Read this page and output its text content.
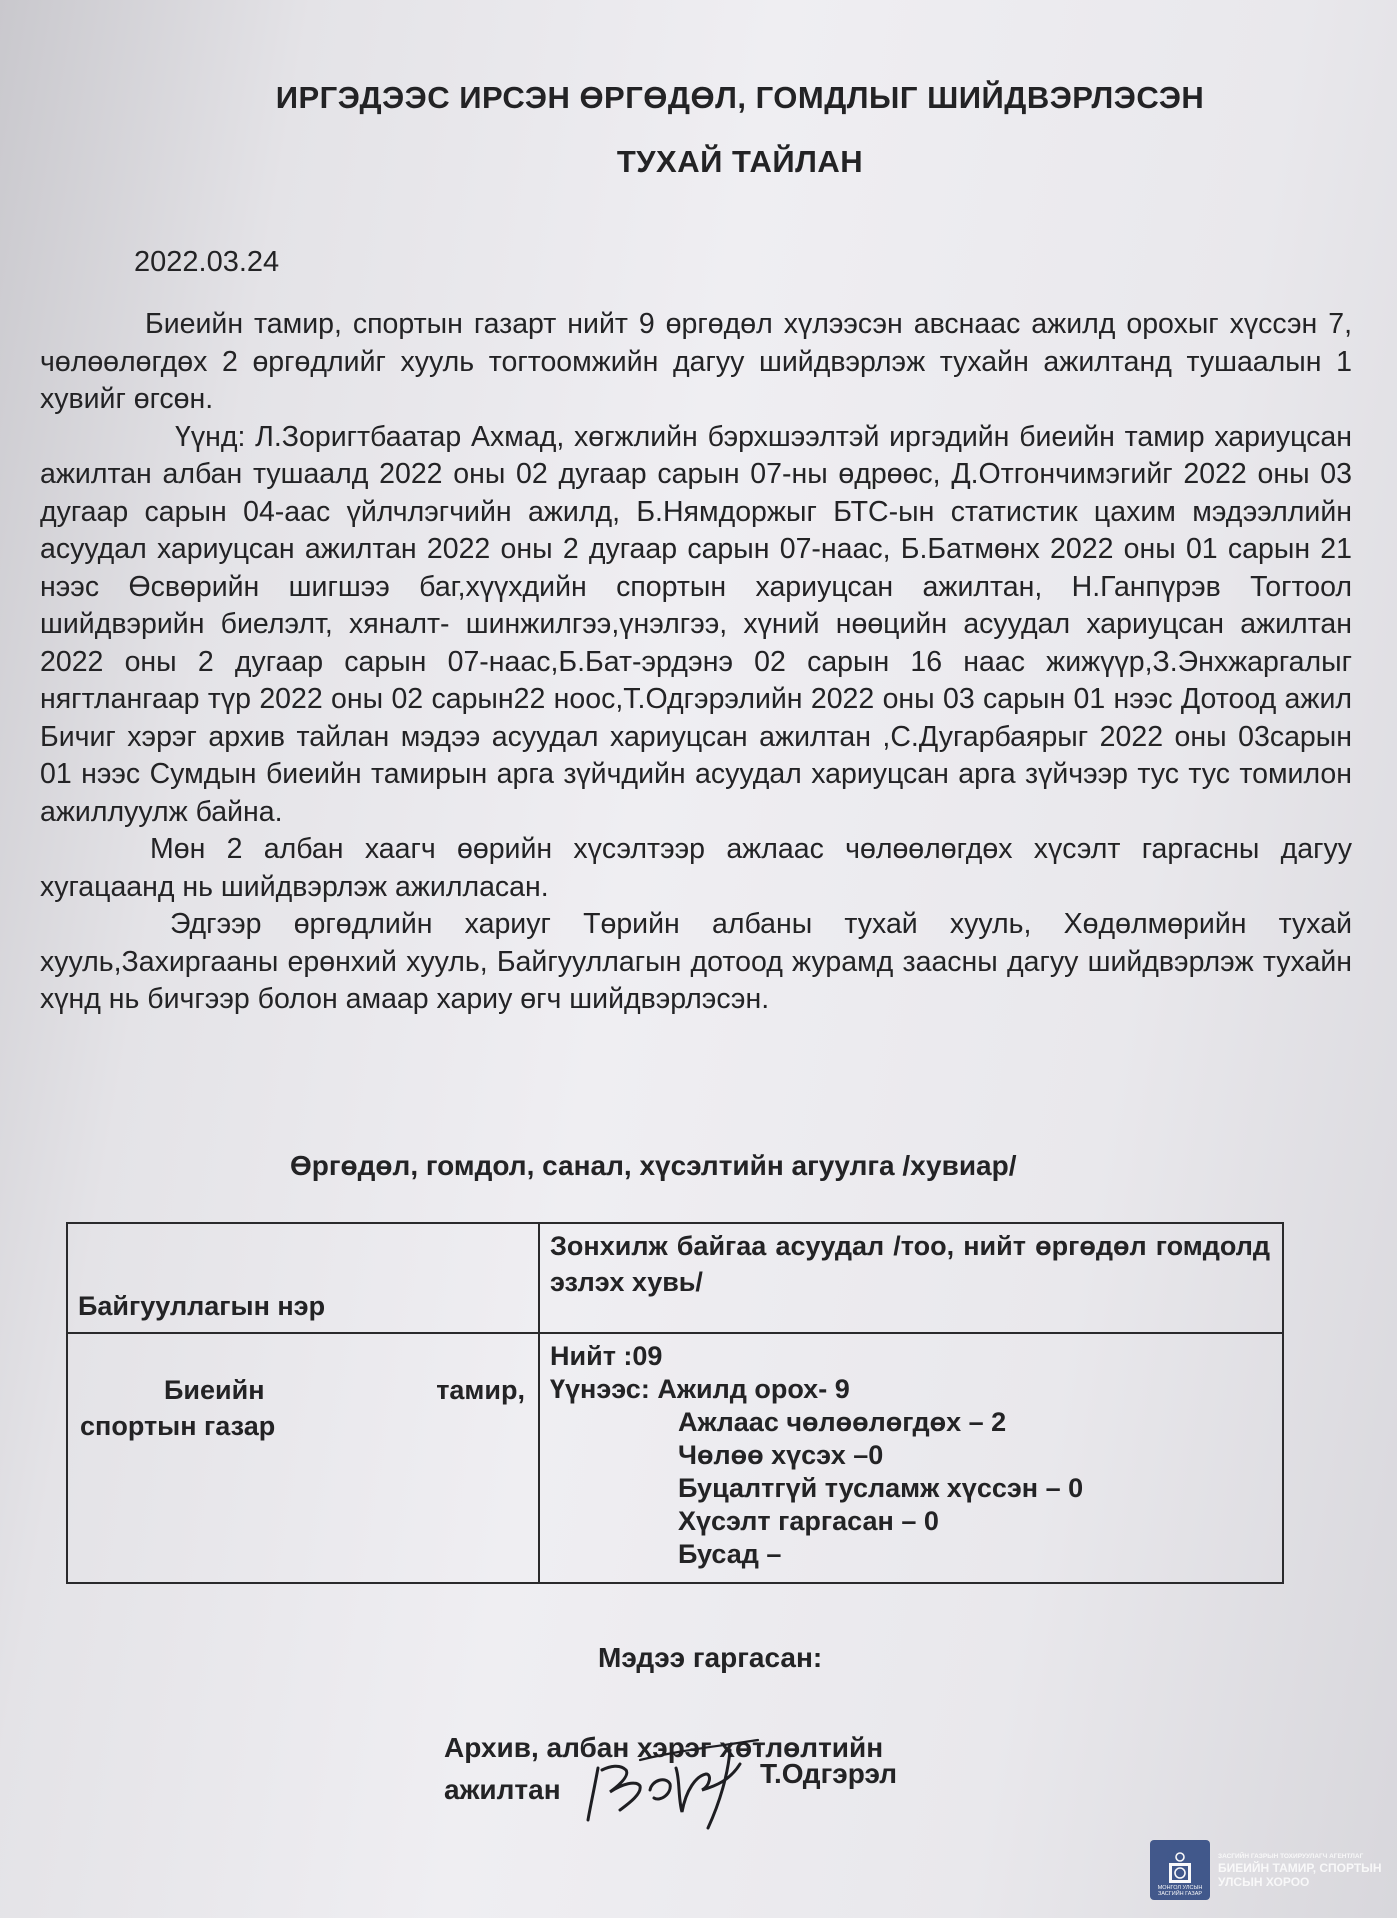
ИРГЭДЭЭС ИРСЭН ӨРГӨДӨЛ, ГОМДЛЫГ ШИЙДВЭРЛЭСЭН
ТУХАЙ ТАЙЛАН
2022.03.24

Биеийн тамир, спортын газарт нийт 9 өргөдөл хүлээсэн авснаас ажилд орохыг хүссэн 7, чөлөөлөгдөх 2 өргөдлийг хууль тогтоомжийн дагуу шийдвэрлэж тухайн ажилтанд тушаалын 1 хувийг өгсөн.

Үүнд: Л.Зоригтбаатар Ахмад, хөгжлийн бэрхшээлтэй иргэдийн биеийн тамир хариуцсан ажилтан албан тушаалд 2022 оны 02 дугаар сарын 07-ны өдрөөс, Д.Отгончимэгийг 2022 оны 03 дугаар сарын 04-аас үйлчлэгчийн ажилд, Б.Нямдоржыг БТС-ын статистик цахим мэдээллийн асуудал хариуцсан ажилтан 2022 оны 2 дугаар сарын 07-наас, Б.Батмөнх 2022 оны 01 сарын 21 нээс Өсвөрийн шигшээ баг,хүүхдийн спортын хариуцсан ажилтан, Н.Ганпүрэв Тогтоол шийдвэрийн биелэлт, хяналт- шинжилгээ,үнэлгээ, хүний нөөцийн асуудал хариуцсан ажилтан 2022 оны 2 дугаар сарын 07-наас,Б.Бат-эрдэнэ 02 сарын 16 наас жижүүр,З.Энхжаргалыг нягтлангаар түр 2022 оны 02 сарын22 ноос,Т.Одгэрэлийн 2022 оны 03 сарын 01 нээс Дотоод ажил Бичиг хэрэг архив тайлан мэдээ асуудал хариуцсан ажилтан ,С.Дугарбаярыг 2022 оны 03сарын 01 нээс Сумдын биеийн тамирын арга зүйчдийн асуудал хариуцсан арга зүйчээр тус тус томилон ажиллуулж байна.

Мөн 2 албан хаагч өөрийн хүсэлтээр ажлаас чөлөөлөгдөх хүсэлт гаргасны дагуу хугацаанд нь шийдвэрлэж ажилласан.

Эдгээр өргөдлийн хариуг Төрийн албаны тухай хууль, Хөдөлмөрийн тухай хууль,Захиргааны ерөнхий хууль, Байгууллагын дотоод журамд заасны дагуу шийдвэрлэж тухайн хүнд нь бичгээр болон амаар хариу өгч шийдвэрлэсэн.

Өргөдөл, гомдол, санал, хүсэлтийн агуулга /хувиар/
Байгууллагын нэр
Зонхилж байгаа асуудал /тоо, нийт өргөдөл гомдолд эзлэх хувь/
Биеийн	тамир,
спортын газар
Нийт :09
Үүнээс: Ажилд орох- 9
Ажлаас чөлөөлөгдөх – 2
Чөлөө хүсэх –0
Буцалтгүй тусламж хүссэн – 0
Хүсэлт гаргасан – 0
Бусад –
Мэдээ гаргасан:
Архив, албан хэрэг хөтлөлтийн
ажилтан
Т.Одгэрэл
МОНГОЛ УЛСЫН ЗАСГИЙН ГАЗАР
ЗАСГИЙН ГАЗРЫН ТОХИРУУЛАГЧ АГЕНТЛАГ
БИЕИЙН ТАМИР, СПОРТЫН
УЛСЫН ХОРОО
